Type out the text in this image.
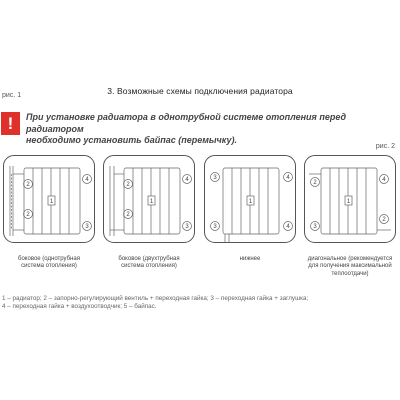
рис. 1	3. Возможные схемы подключения радиатора
!	При установке радиатора в однотрубной системе отопления перед радиатором
необходимо установить байпас (перемычку).
рис. 2
1
2
2
3
4
1
2
2
3
4
1
3
3
4
4
1
2
2
3
4
боковое (однотрубная
система отопления)
боковое (двухтрубная
система отопления)
нижнее	диагональное (рекомендуется
для получения максимальной
теплоотдачи)
1 – радиатор; 2 – запорно-регулирующий вентиль + переходная гайка; 3 – переходная гайка + заглушка;
4 – переходная гайка + воздухоотводчик; 5 – байпас.
